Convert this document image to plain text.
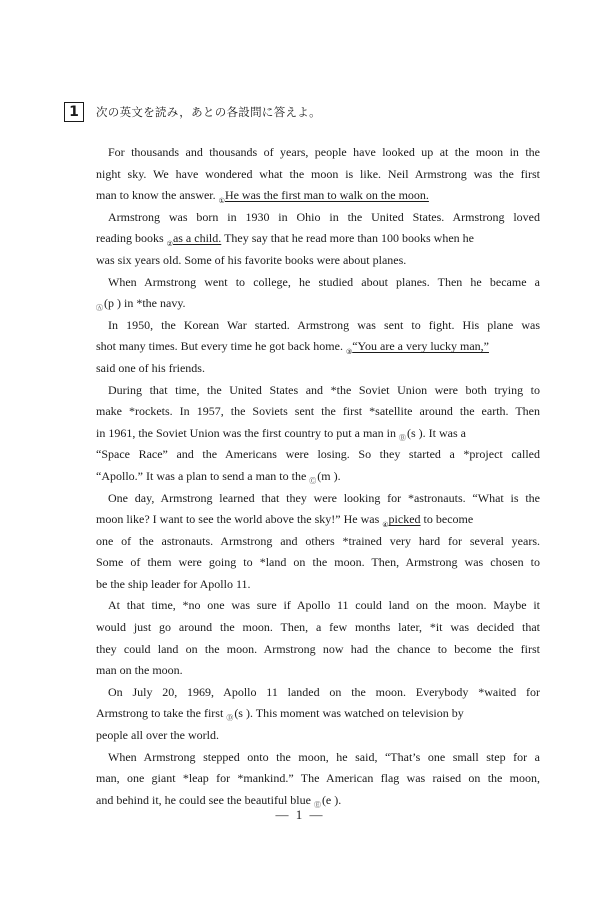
1	次の英文を読み，あとの各設問に答えよ。
For thousands and thousands of years, people have looked up at the moon in the
night sky. We have wondered what the moon is like. Neil Armstrong was the first
man to know the answer. $_①$He was the first man to walk on the moon.
Armstrong was born in 1930 in Ohio in the United States. Armstrong loved
reading books $_②$as a child. They say that he read more than 100 books when he
was six years old. Some of his favorite books were about planes.
When Armstrong went to college, he studied about planes. Then he became a
$_Ⓐ$(p ) in *the navy.
In 1950, the Korean War started. Armstrong was sent to fight. His plane was
shot many times. But every time he got back home. $_③$“You are a very lucky man,”
said one of his friends.
During that time, the United States and *the Soviet Union were both trying to
make *rockets. In 1957, the Soviets sent the first *satellite around the earth. Then
in 1961, the Soviet Union was the first country to put a man in $_Ⓑ$(s ). It was a
“Space Race” and the Americans were losing. So they started a *project called
“Apollo.” It was a plan to send a man to the $_Ⓒ$(m ).
One day, Armstrong learned that they were looking for *astronauts. “What is the
moon like? I want to see the world above the sky!” He was $_④$picked to become
one of the astronauts. Armstrong and others *trained very hard for several years.
Some of them were going to *land on the moon. Then, Armstrong was chosen to
be the ship leader for Apollo 11.
At that time, *no one was sure if Apollo 11 could land on the moon. Maybe it
would just go around the moon. Then, a few months later, *it was decided that
they could land on the moon. Armstrong now had the chance to become the first
man on the moon.
On July 20, 1969, Apollo 11 landed on the moon. Everybody *waited for
Armstrong to take the first $_Ⓓ$(s ). This moment was watched on television by
people all over the world.
When Armstrong stepped onto the moon, he said, “That’s one small step for a
man, one giant *leap for *mankind.” The American flag was raised on the moon,
and behind it, he could see the beautiful blue $_Ⓔ$(e ).
― 1 ―
